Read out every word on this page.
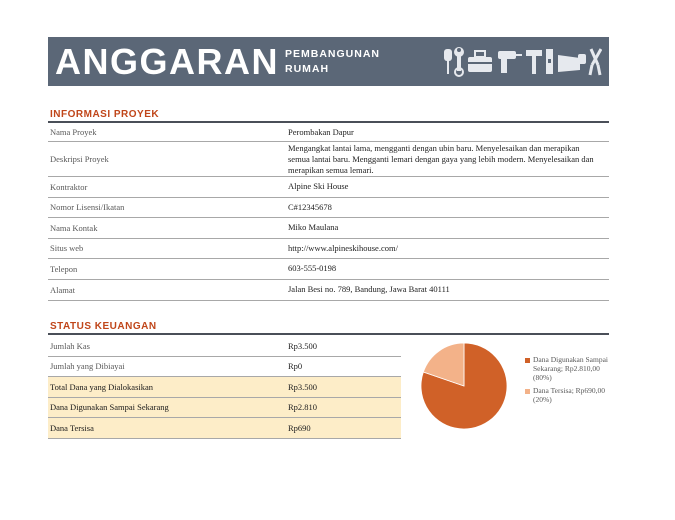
ANGGARAN PEMBANGUNAN
RUMAH
INFORMASI PROYEK
Nama Proyek	Perombakan Dapur
Deskripsi Proyek
Mengangkat lantai lama, mengganti dengan ubin baru. Menyelesaikan dan merapikan semua lantai baru. Mengganti lemari dengan gaya yang lebih modern. Menyelesaikan dan merapikan semua lemari.
Kontraktor	Alpine Ski House
Nomor Lisensi/Ikatan	C#12345678
Nama Kontak	Miko Maulana
Situs web	http://www.alpineskihouse.com/
Telepon	603-555-0198
Alamat	Jalan Besi no. 789, Bandung, Jawa Barat 40111
STATUS KEUANGAN
Jumlah Kas	Rp3.500
Jumlah yang Dibiayai	Rp0
Total Dana yang Dialokasikan	Rp3.500
Dana Digunakan Sampai Sekarang	Rp2.810
Dana Tersisa	Rp690
Dana Digunakan Sampai Sekarang; Rp2.810,00 (80%)
Dana Tersisa; Rp690,00 (20%)
